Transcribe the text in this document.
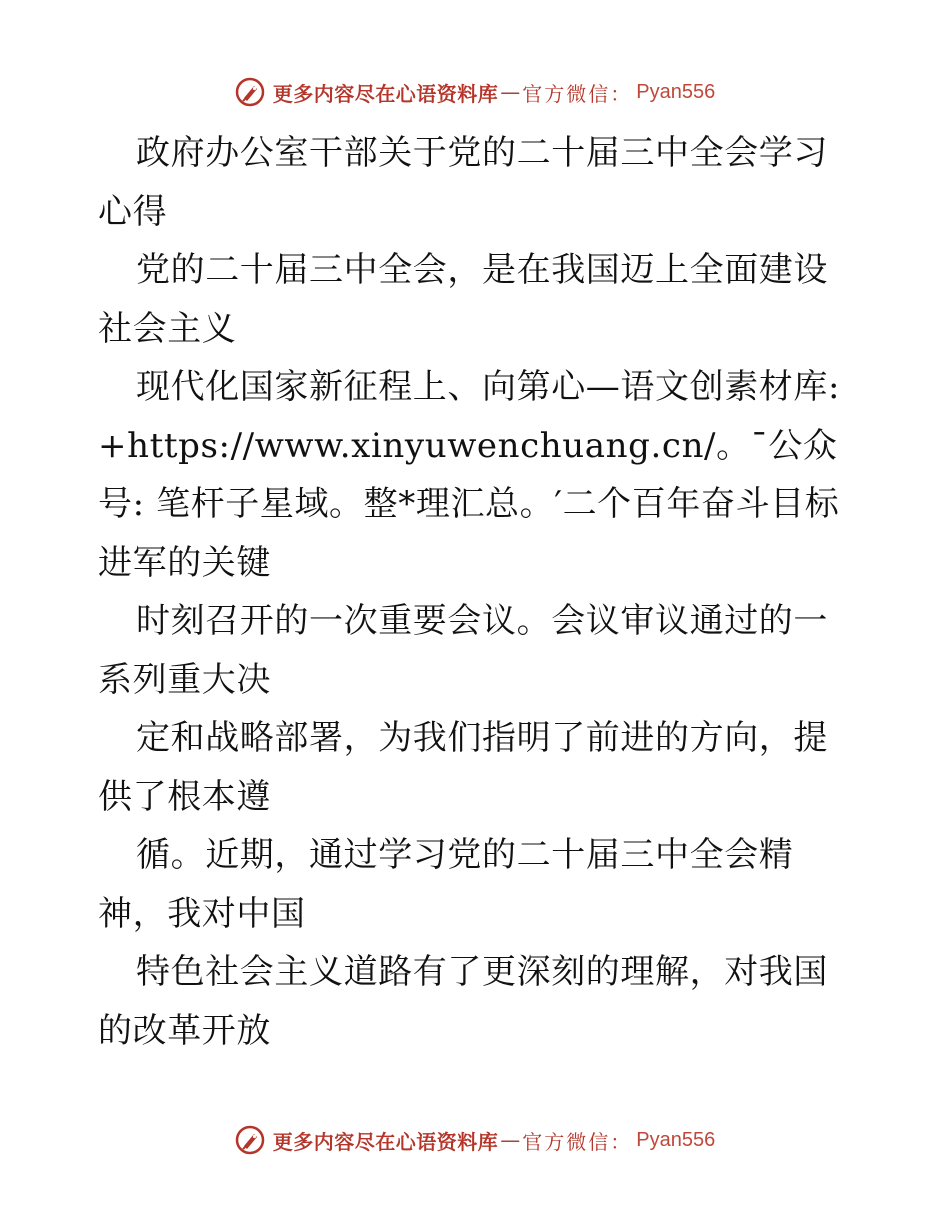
更多内容尽在心语资料库 — 官方微信： Pyan556

政府办公室干部关于党的二十届三中全会学习心得

党的二十届三中全会，是在我国迈上全面建设社会主义

现代化国家新征程上、向第心—语文创素材库:+https://www.xinyuwenchuang.cn/。¯公众号: 笔杆子星域。整*理汇总。′二个百年奋斗目标进军的关键

时刻召开的一次重要会议。会议审议通过的一系列重大决

定和战略部署，为我们指明了前进的方向，提供了根本遵

循。近期，通过学习党的二十届三中全会精神，我对中国

特色社会主义道路有了更深刻的理解，对我国的改革开放

更多内容尽在心语资料库 — 官方微信： Pyan556
